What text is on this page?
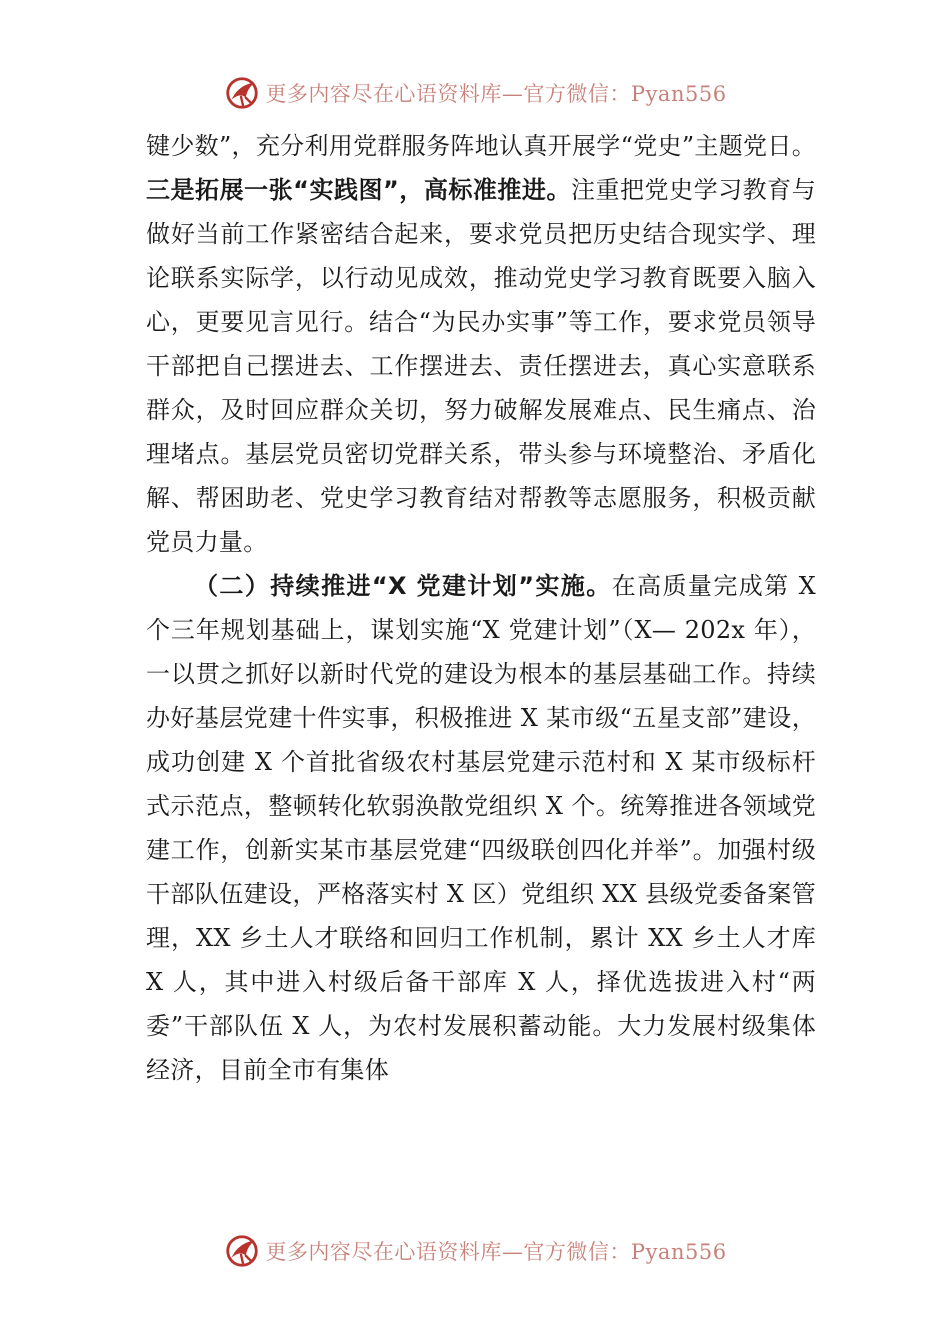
更多内容尽在心语资料库—官方微信：Pyan556

键少数”，充分利用党群服务阵地认真开展学“党史”主题党日。三是拓展一张“实践图”，高标准推进。注重把党史学习教育与做好当前工作紧密结合起来，要求党员把历史结合现实学、理论联系实际学，以行动见成效，推动党史学习教育既要入脑入心，更要见言见行。结合“为民办实事”等工作，要求党员领导干部把自己摆进去、工作摆进去、责任摆进去，真心实意联系群众，及时回应群众关切，努力破解发展难点、民生痛点、治理堵点。基层党员密切党群关系，带头参与环境整治、矛盾化解、帮困助老、党史学习教育结对帮教等志愿服务，积极贡献党员力量。

（二）持续推进“X 党建计划”实施。在高质量完成第 X 个三年规划基础上，谋划实施“X 党建计划”（X— 202x 年），一以贯之抓好以新时代党的建设为根本的基层基础工作。持续办好基层党建十件实事，积极推进 X 某市级“五星支部”建设，成功创建 X 个首批省级农村基层党建示范村和 X 某市级标杆式示范点，整顿转化软弱涣散党组织 X 个。统筹推进各领域党建工作，创新实某市基层党建“四级联创四化并举”。加强村级干部队伍建设，严格落实村 X 区）党组织 XX 县级党委备案管理，XX 乡土人才联络和回归工作机制，累计 XX 乡土人才库 X 人，其中进入村级后备干部库 X 人，择优选拔进入村“两委”干部队伍 X 人，为农村发展积蓄动能。大力发展村级集体经济，目前全市有集体

更多内容尽在心语资料库—官方微信：Pyan556
